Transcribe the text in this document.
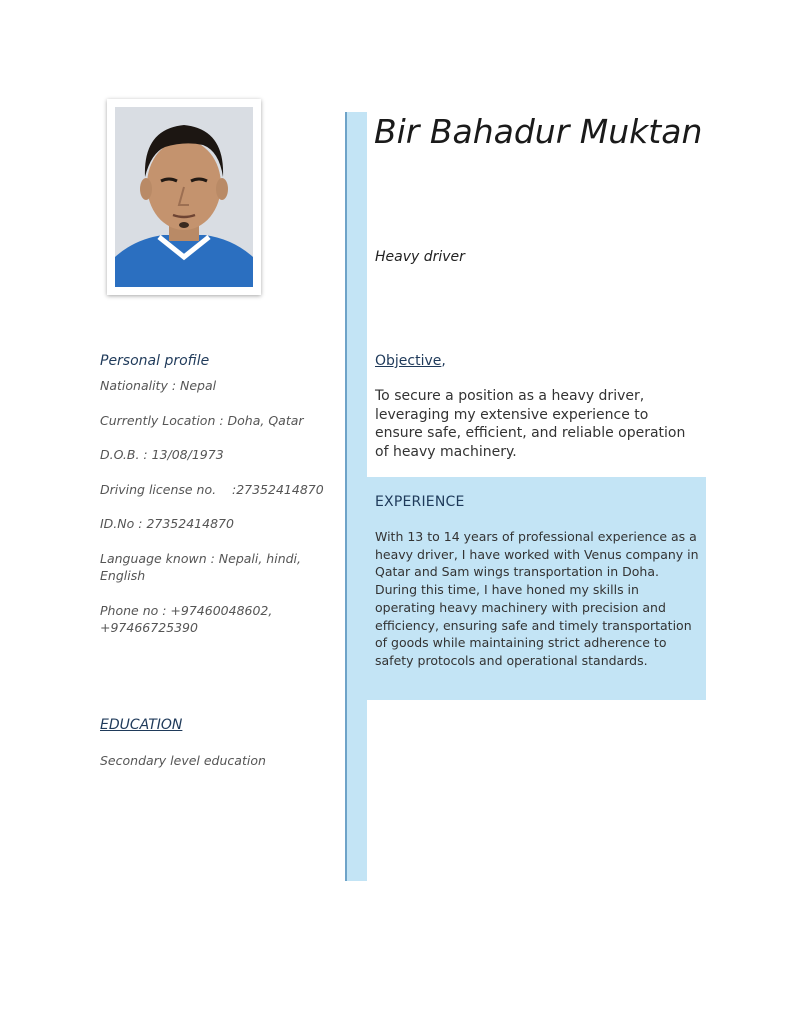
Bir Bahadur Muktan
Heavy driver
Personal profile
Nationality : Nepal
Currently Location : Doha, Qatar
D.O.B. : 13/08/1973
Driving license no.    :27352414870
ID.No : 27352414870
Language known : Nepali, hindi, English
Phone no : +97460048602, +97466725390
EDUCATION
Secondary level education
Objective,
To secure a position as a heavy driver, leveraging my extensive experience to ensure safe, efficient, and reliable operation of heavy machinery.
EXPERIENCE
With 13 to 14 years of professional experience as a heavy driver, I have worked with Venus company in Qatar and Sam wings transportation in Doha. During this time, I have honed my skills in operating heavy machinery with precision and efficiency, ensuring safe and timely transportation of goods while maintaining strict adherence to safety protocols and operational standards.
